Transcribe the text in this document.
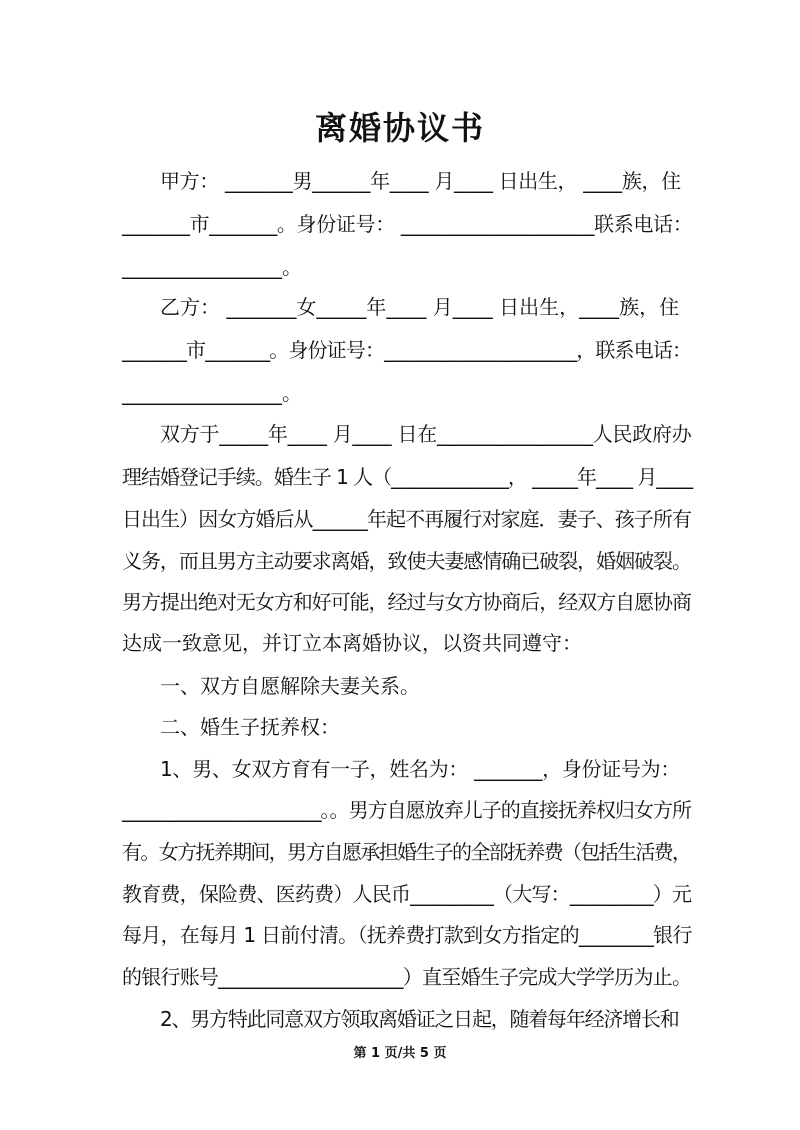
离婚协议书
甲方： _______男______年____ 月____ 日出生， ____族，住
_______市_______。身份证号： ____________________联系电话：
________________。
乙方： _______女_____年____ 月____ 日出生，____族，住
_______市_______。身份证号：_____________________，联系电话：
________________。
双方于_____年____ 月____ 日在________________人民政府办
理结婚登记手续。婚生子 1 人（_____________， _____年____ 月____
日出生）因女方婚后从______年起不再履行对家庭．妻子、孩子所有
义务，而且男方主动要求离婚，致使夫妻感情确已破裂，婚姻破裂。
男方提出绝对无女方和好可能，经过与女方协商后，经双方自愿协商
达成一致意见，并订立本离婚协议，以资共同遵守：
一、双方自愿解除夫妻关系。
二、婚生子抚养权：
1、男、女双方育有一子，姓名为： _______，身份证号为：
______________________。。男方自愿放弃儿子的直接抚养权归女方所
有。女方抚养期间，男方自愿承担婚生子的全部抚养费（包括生活费，
教育费，保险费、医药费）人民币_________（大写：_________）元
每月，在每月 1 日前付清。（抚养费打款到女方指定的________银行
的银行账号____________________）直至婚生子完成大学学历为止。
2、男方特此同意双方领取离婚证之日起，随着每年经济增长和
第 1 页/共 5 页
